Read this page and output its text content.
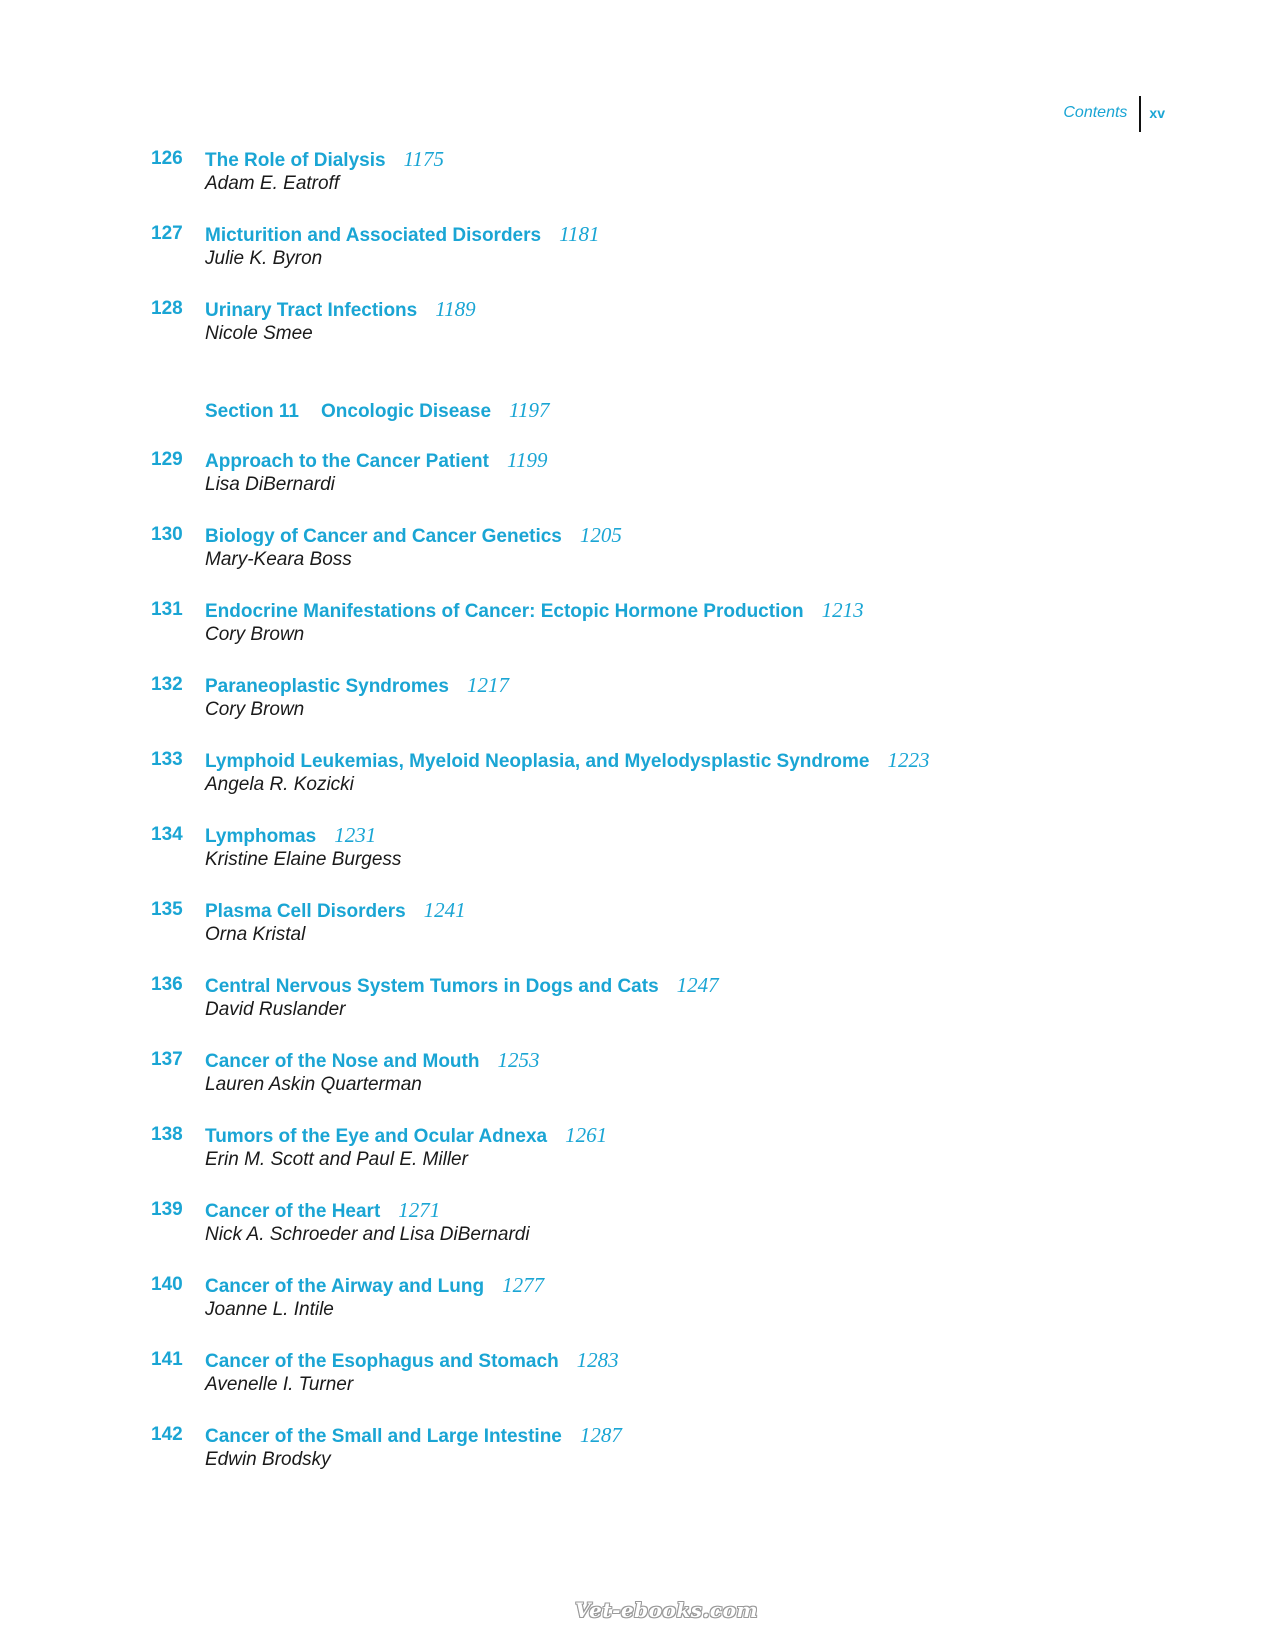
Contents	xv
126 The Role of Dialysis 1175
Adam E. Eatroff
127 Micturition and Associated Disorders 1181
Julie K. Byron
128 Urinary Tract Infections 1189
Nicole Smee
Section 11 Oncologic Disease 1197
129 Approach to the Cancer Patient 1199
Lisa DiBernardi
130 Biology of Cancer and Cancer Genetics 1205
Mary-Keara Boss
131 Endocrine Manifestations of Cancer: Ectopic Hormone Production 1213
Cory Brown
132 Paraneoplastic Syndromes 1217
Cory Brown
133 Lymphoid Leukemias, Myeloid Neoplasia, and Myelodysplastic Syndrome 1223
Angela R. Kozicki
134 Lymphomas 1231
Kristine Elaine Burgess
135 Plasma Cell Disorders 1241
Orna Kristal
136 Central Nervous System Tumors in Dogs and Cats 1247
David Ruslander
137 Cancer of the Nose and Mouth 1253
Lauren Askin Quarterman
138 Tumors of the Eye and Ocular Adnexa 1261
Erin M. Scott and Paul E. Miller
139 Cancer of the Heart 1271
Nick A. Schroeder and Lisa DiBernardi
140 Cancer of the Airway and Lung 1277
Joanne L. Intile
141 Cancer of the Esophagus and Stomach 1283
Avenelle I. Turner
142 Cancer of the Small and Large Intestine 1287
Edwin Brodsky
Vet-ebooks.com
